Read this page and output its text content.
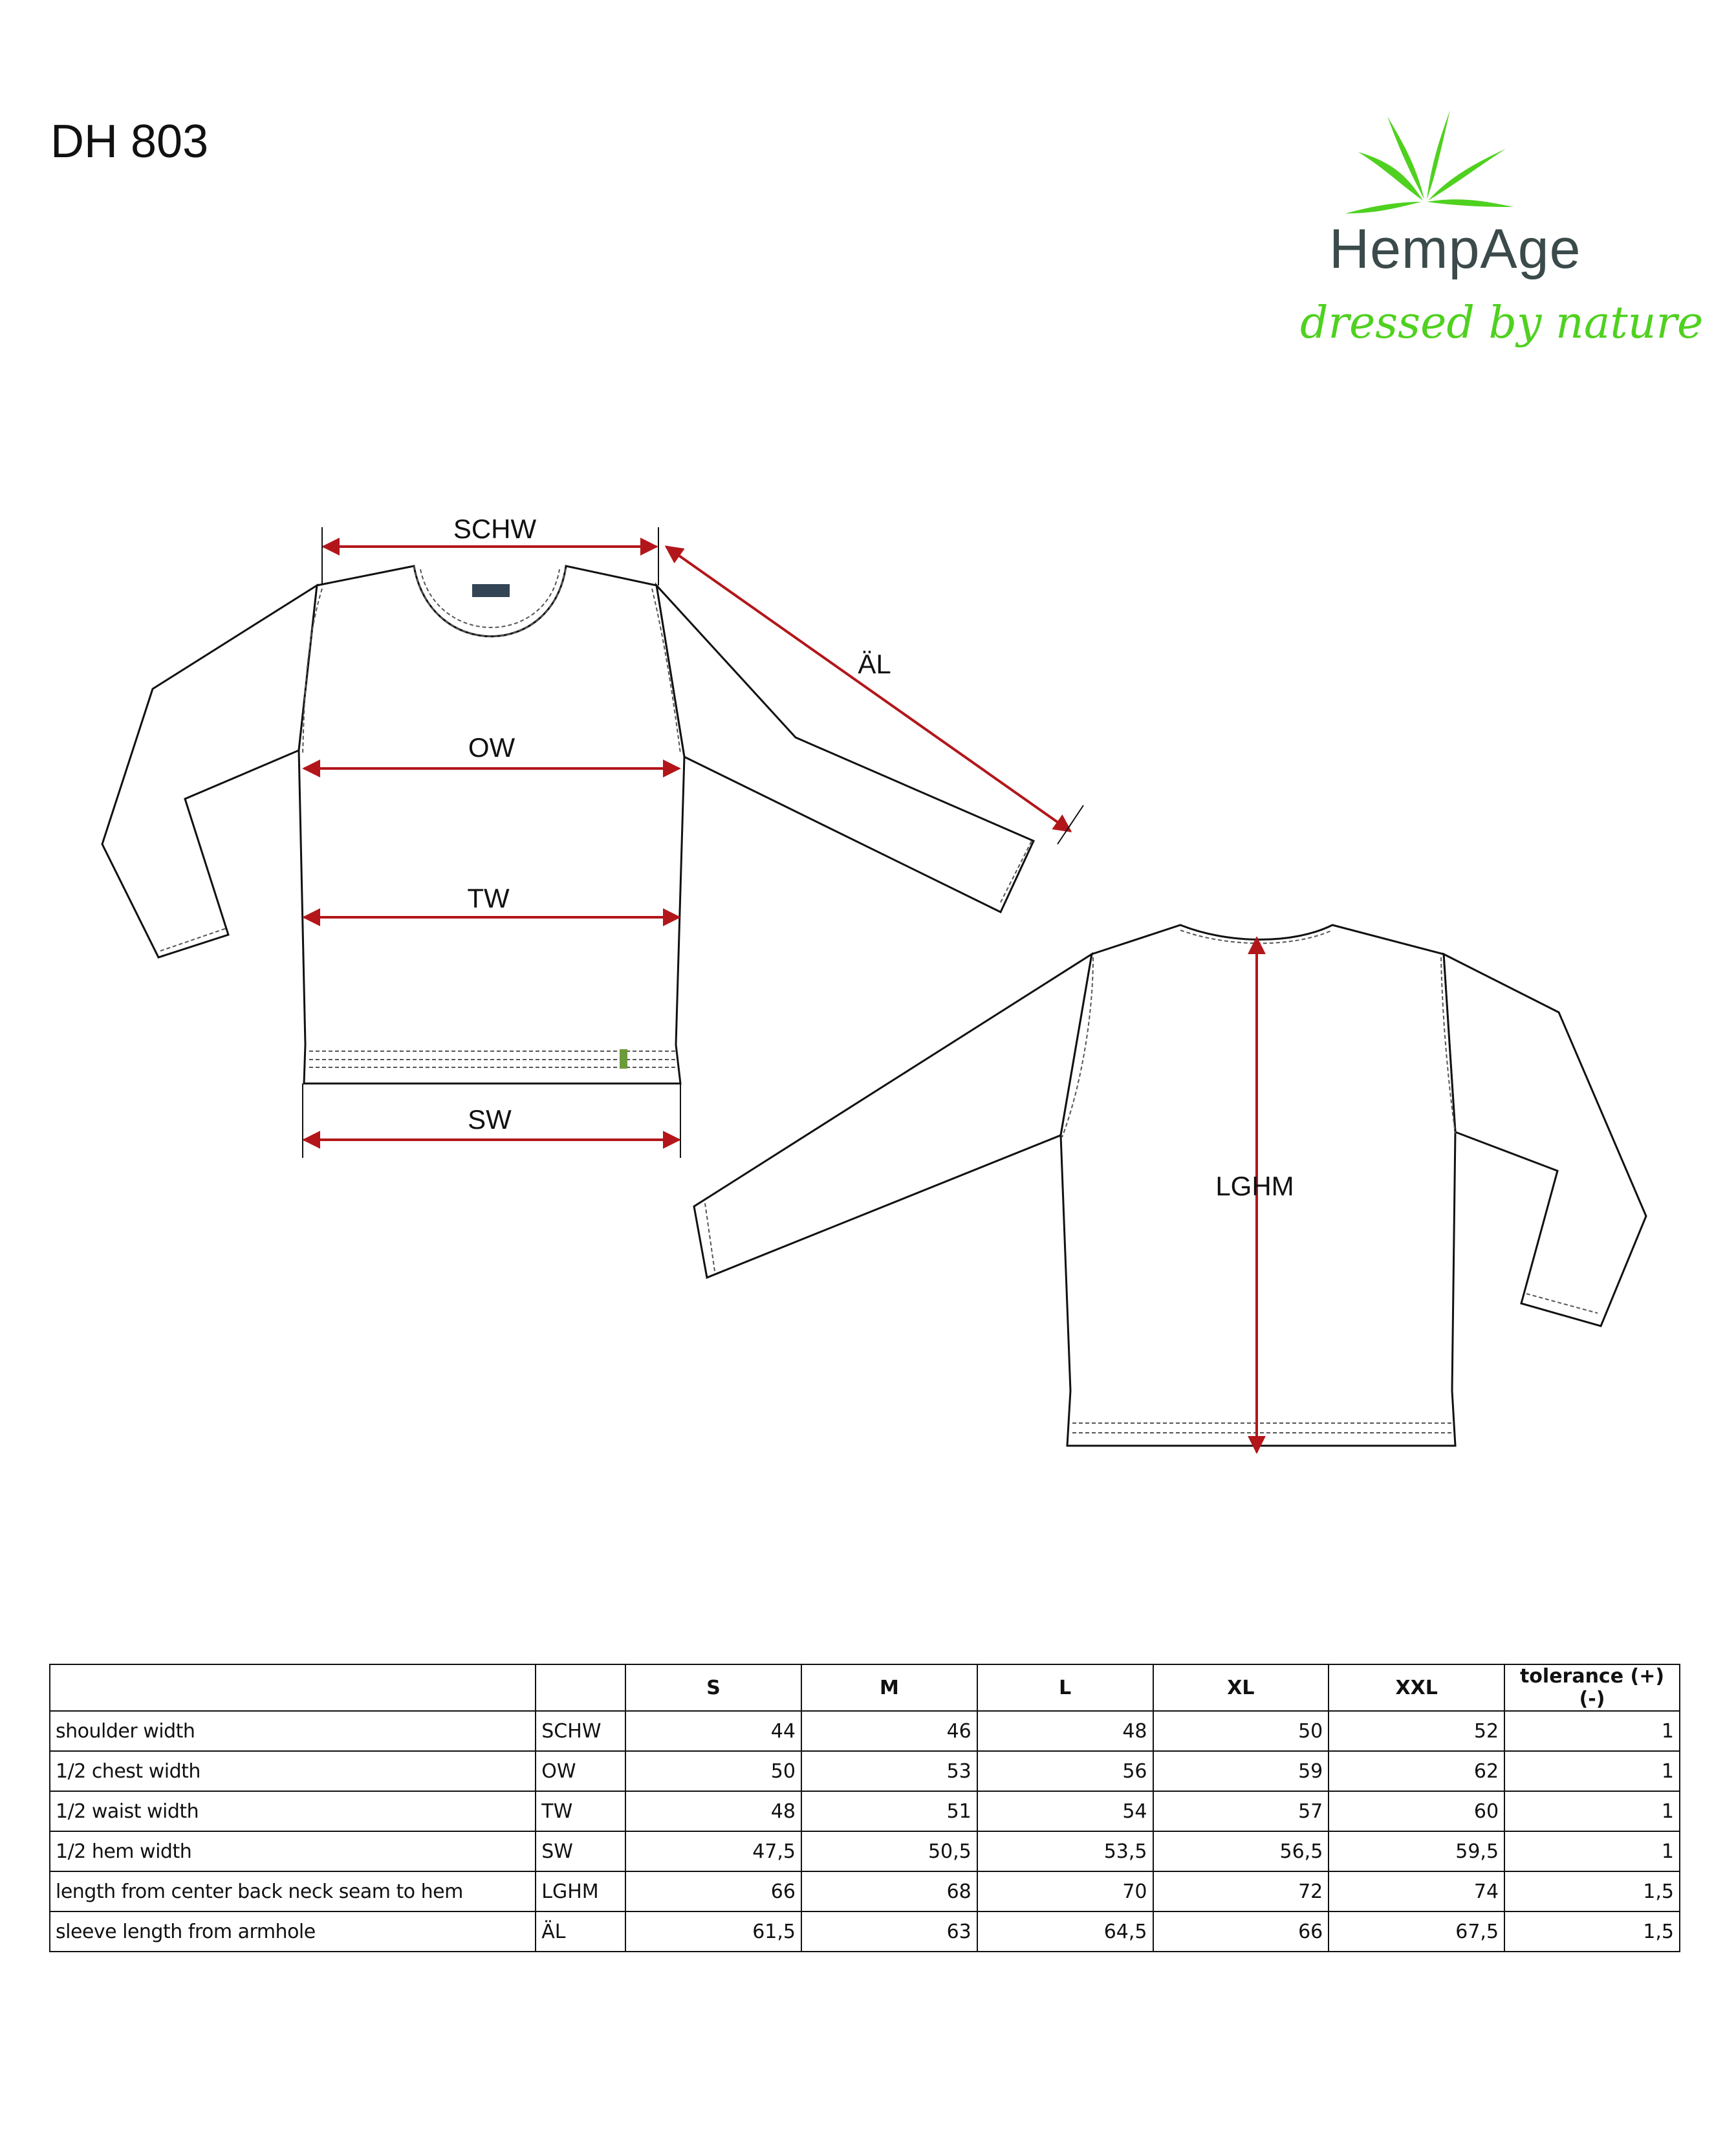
DH 803
HempAge
dressed by nature
SCHW
ÄL
OW
TW
SW
LGHM
		S	M	L	XL	XXL	tolerance (+)(-)
shoulder width	SCHW	44	46	48	50	52	1
1/2 chest width	OW	50	53	56	59	62	1
1/2 waist width	TW	48	51	54	57	60	1
1/2 hem width	SW	47,5	50,5	53,5	56,5	59,5	1
length from center back neck seam to hem	LGHM	66	68	70	72	74	1,5
sleeve length from armhole	ÄL	61,5	63	64,5	66	67,5	1,5
